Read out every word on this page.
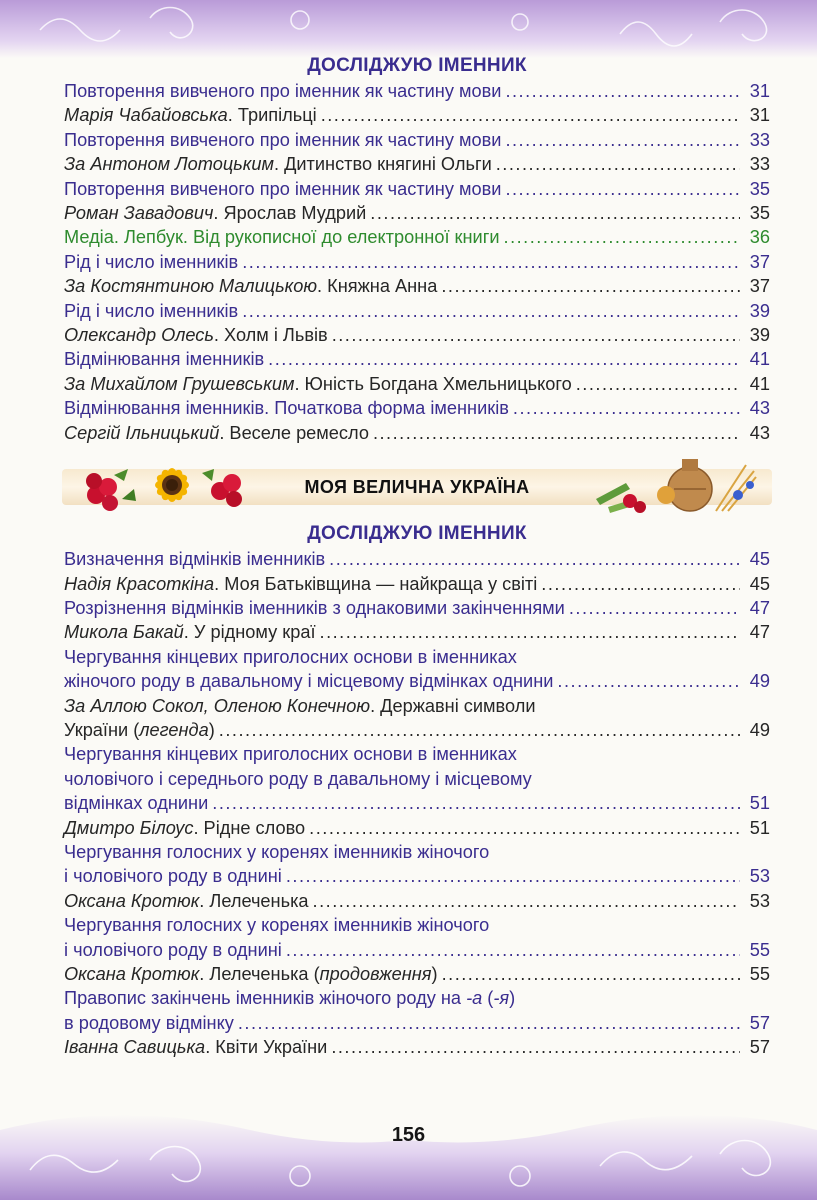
ДОСЛІДЖУЮ ІМЕННИК
Повторення вивченого про іменник як частину мови .....	31
Марія Чабайовська. Трипільці .....	31
Повторення вивченого про іменник як частину мови .....	33
За Антоном Лотоцьким. Дитинство княгині Ольги .....	33
Повторення вивченого про іменник як частину мови .....	35
Роман Завадович. Ярослав Мудрий .....	35
Медіа. Лепбук. Від рукописної до електронної книги .....	36
Рід і число іменників .....	37
За Костянтиною Малицькою. Княжна Анна .....	37
Рід і число іменників .....	39
Олександр Олесь. Холм і Львів .....	39
Відмінювання іменників .....	41
За Михайлом Грушевським. Юність Богдана Хмельницького .....	41
Відмінювання іменників. Початкова форма іменників .....	43
Сергій Ільницький. Веселе ремесло .....	43
МОЯ ВЕЛИЧНА УКРАЇНА
ДОСЛІДЖУЮ ІМЕННИК
Визначення відмінків іменників .....	45
Надія Красоткіна. Моя Батьківщина — найкраща у світі .....	45
Розрізнення відмінків іменників з однаковими закінченнями .....	47
Микола Бакай. У рідному краї .....	47
Чергування кінцевих приголосних основи в іменниках
жіночого роду в давальному і місцевому відмінках однини .....	49
За Аллою Сокол, Оленою Конечною. Державні символи
України (легенда) .....	49
Чергування кінцевих приголосних основи в іменниках
чоловічого і середнього роду в давальному і місцевому
відмінках однини .....	51
Дмитро Білоус. Рідне слово .....	51
Чергування голосних у коренях іменників жіночого
і чоловічого роду в однині .....	53
Оксана Кротюк. Лелеченька .....	53
Чергування голосних у коренях іменників жіночого
і чоловічого роду в однині .....	55
Оксана Кротюк. Лелеченька (продовження) .....	55
Правопис закінчень іменників жіночого роду на -а (-я)
в родовому відмінку .....	57
Іванна Савицька. Квіти України .....	57
156
